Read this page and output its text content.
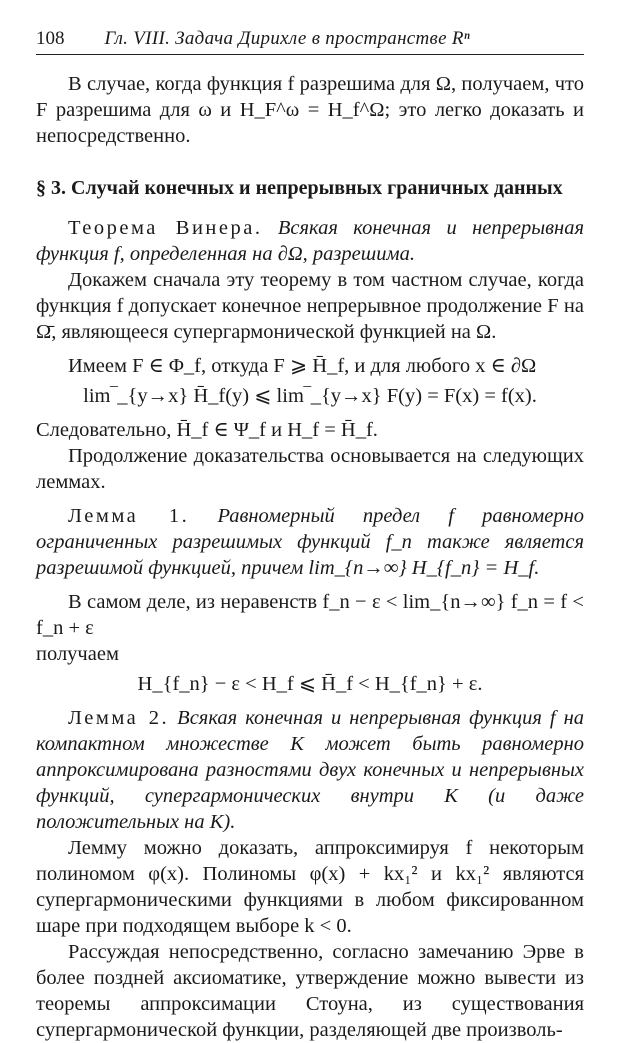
108 Гл. VIII. Задача Дирихле в пространстве Rⁿ

В случае, когда функция f разрешима для Ω, получаем, что F разрешима для ω и H_F^ω = H_f^Ω; это легко доказать и непосредственно.

§ 3. Случай конечных и непрерывных граничных данных

Теорема Винера. Всякая конечная и непрерывная функция f, определенная на ∂Ω, разрешима.

Докажем сначала эту теорему в том частном случае, когда функция f допускает конечное непрерывное продолжение F на Ω̄, являющееся супергармонической функцией на Ω.

Имеем F ∈ Φ_f, откуда F ⩾ H̄_f, и для любого x ∈ ∂Ω

lim‾_{y→x} H̄_f(y) ⩽ lim‾_{y→x} F(y) = F(x) = f(x).

Следовательно, H̄_f ∈ Ψ_f и H_f = H̄_f.

Продолжение доказательства основывается на следующих леммах.

Лемма 1. Равномерный предел f равномерно ограниченных разрешимых функций f_n также является разрешимой функцией, причем lim_{n→∞} H_{f_n} = H_f.

В самом деле, из неравенств f_n − ε < lim_{n→∞} f_n = f < f_n + ε

получаем

H_{f_n} − ε < H_f ⩽ H̄_f < H_{f_n} + ε.

Лемма 2. Всякая конечная и непрерывная функция f на компактном множестве K может быть равномерно аппроксимирована разностями двух конечных и непрерывных функций, супергармонических внутри K (и даже положительных на K).

Лемму можно доказать, аппроксимируя f некоторым полиномом φ(x). Полиномы φ(x) + kx₁² и kx₁² являются супергармоническими функциями в любом фиксированном шаре при подходящем выборе k < 0.

Рассуждая непосредственно, согласно замечанию Эрве в более поздней аксиоматике, утверждение можно вывести из теоремы аппроксимации Стоуна, из существования супергармонической функции, разделяющей две произволь-
